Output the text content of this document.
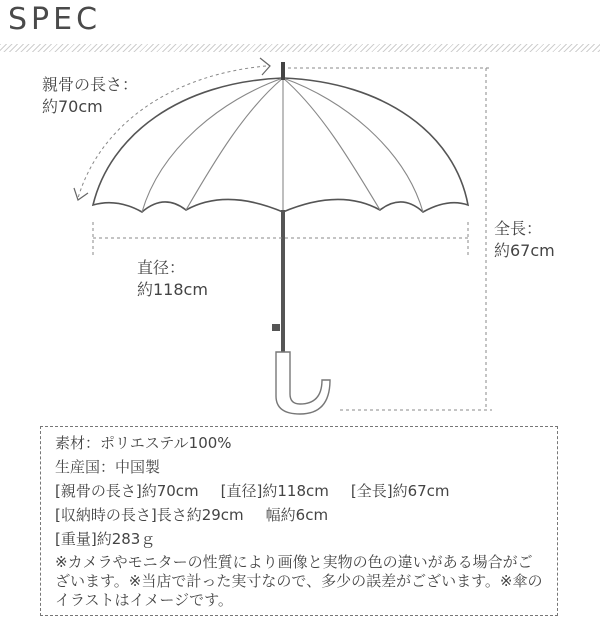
SPEC
親骨の長さ：
約70cm
直径：
約118cm
全長：
約67cm
素材：ポリエステル100%
生産国：中国製
[親骨の長さ]約70cm [直径]約118cm [全長]約67cm
[収納時の長さ]長さ約29cm 幅約6cm
[重量]約283ｇ
※カメラやモニターの性質により画像と実物の色の違いがある場合がございます。※当店で計った実寸なので、多少の誤差がございます。※傘のイラストはイメージです。
